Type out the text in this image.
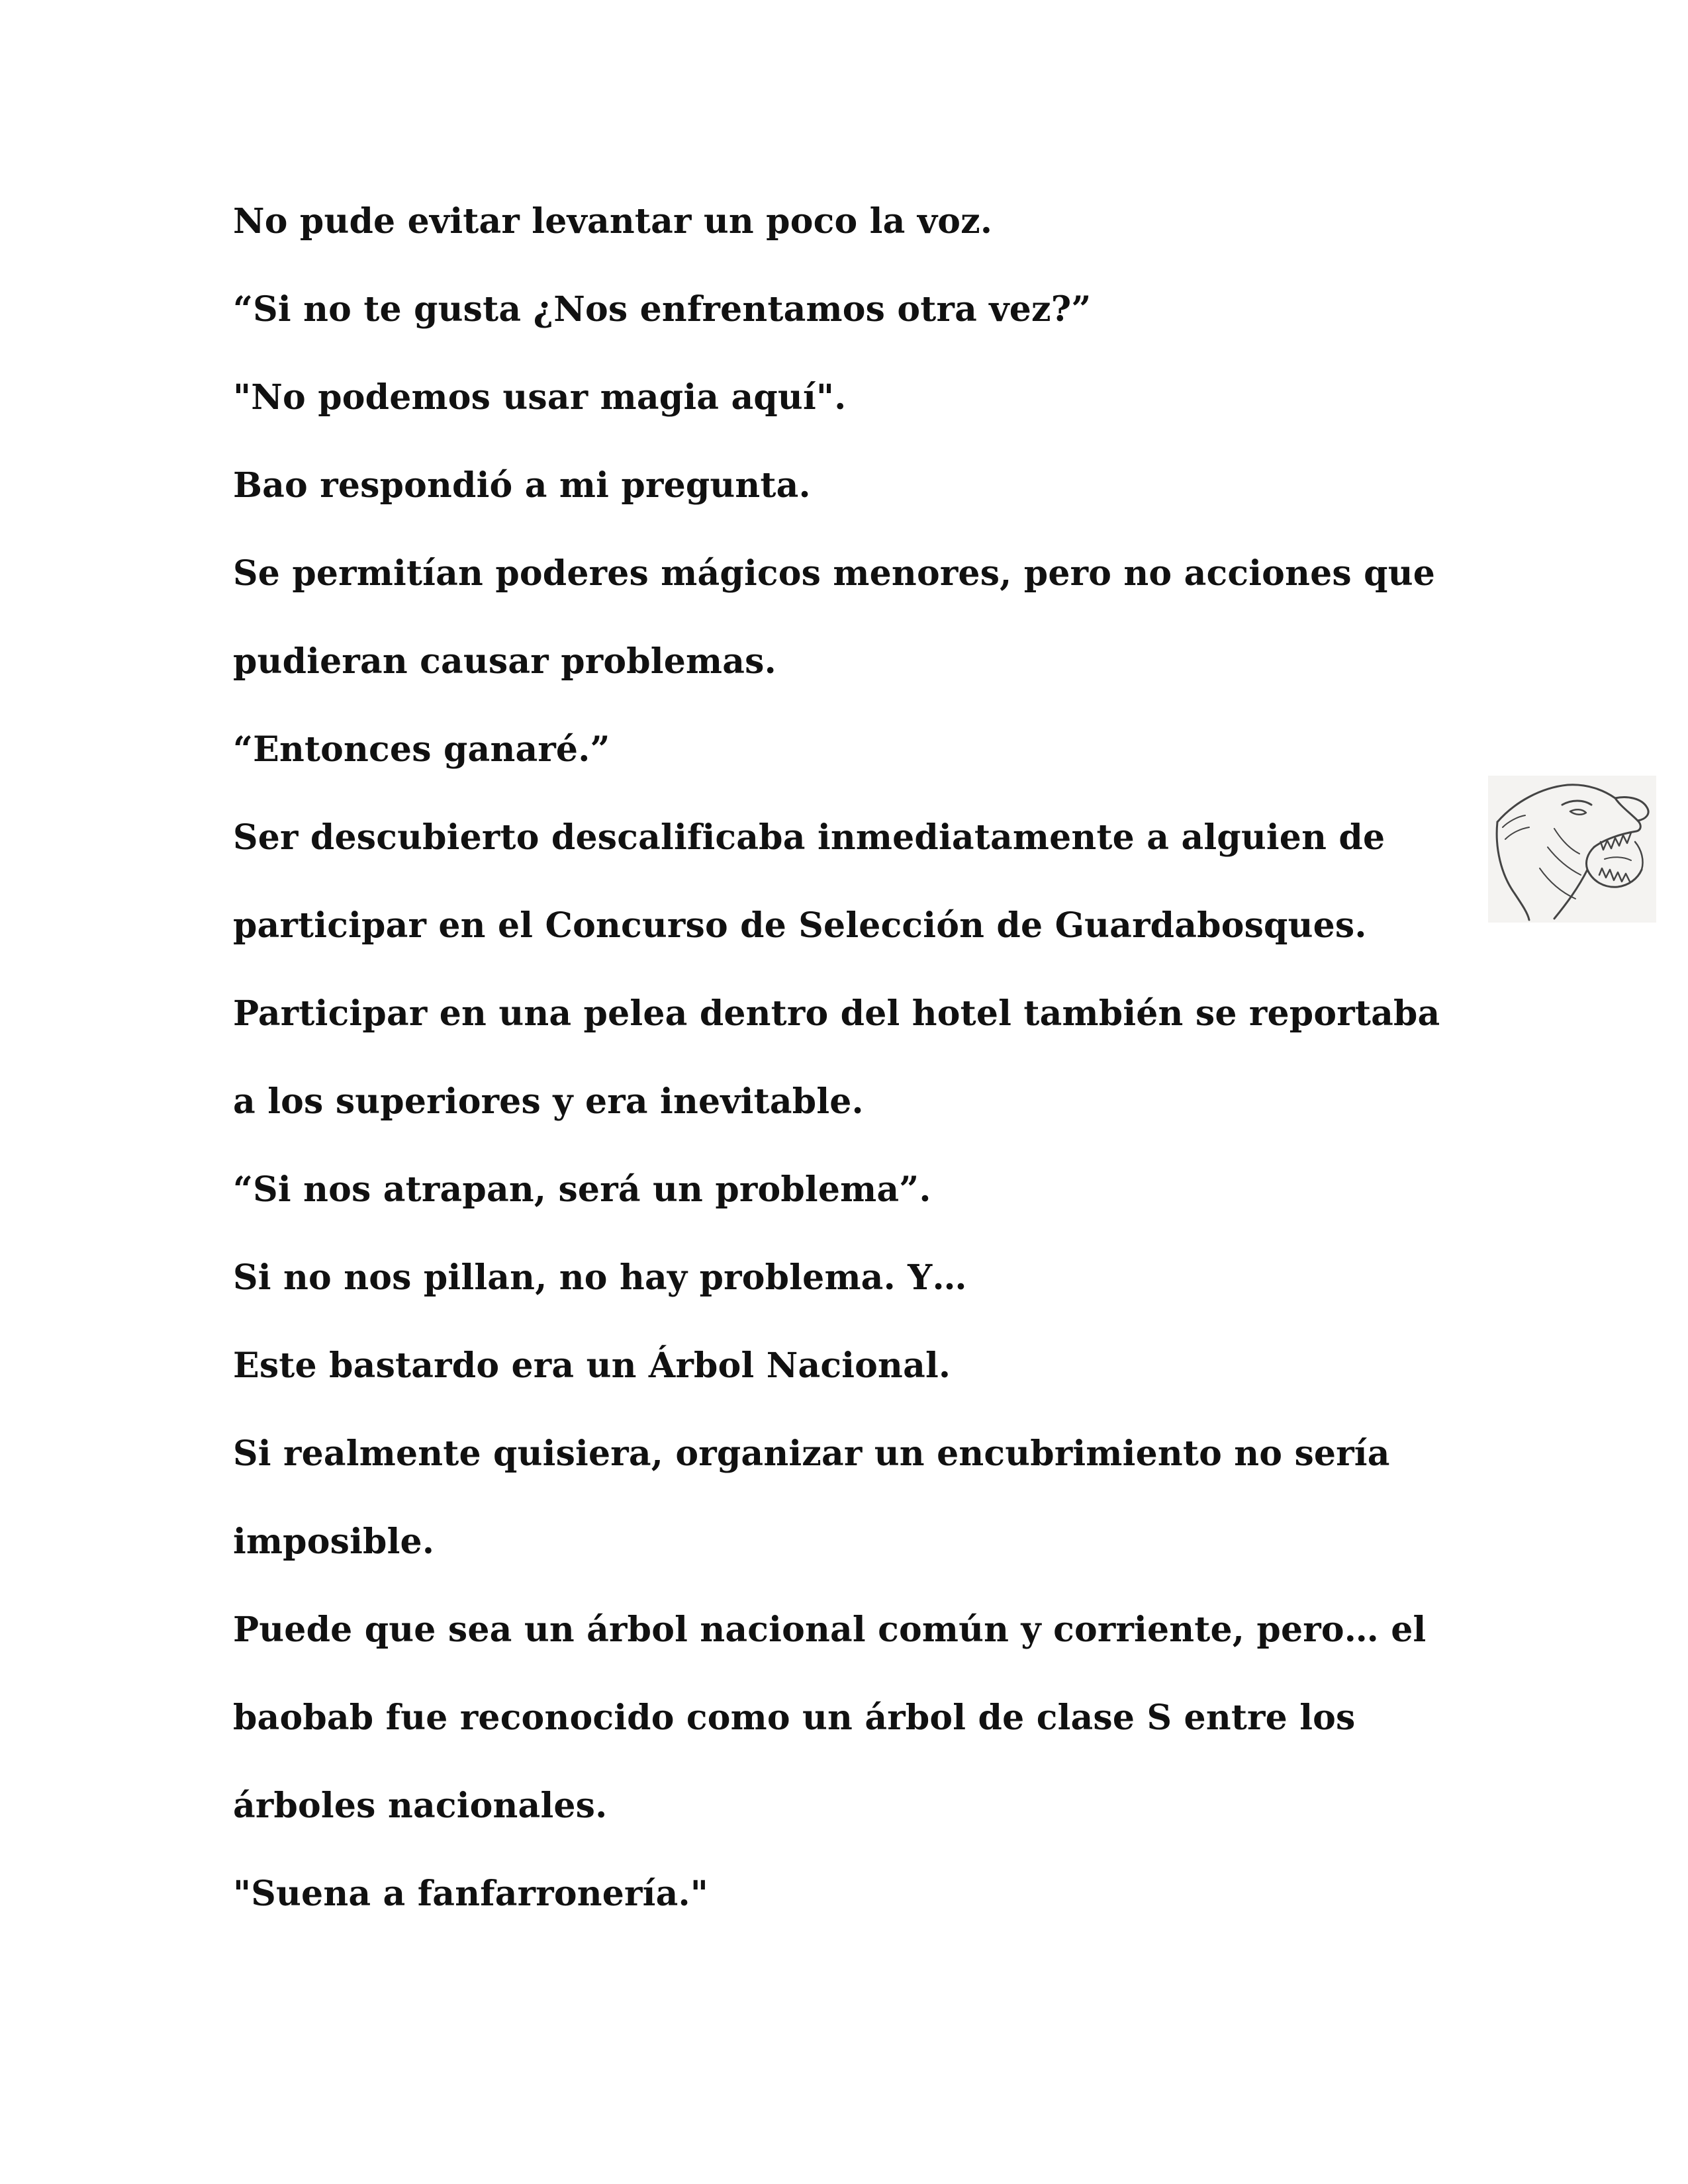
No pude evitar levantar un poco la voz.
“Si no te gusta ¿Nos enfrentamos otra vez?”
"No podemos usar magia aquí".
Bao respondió a mi pregunta.
Se permitían poderes mágicos menores, pero no acciones que
pudieran causar problemas.
“Entonces ganaré.”
Ser descubierto descalificaba inmediatamente a alguien de
participar en el Concurso de Selección de Guardabosques.
Participar en una pelea dentro del hotel también se reportaba
a los superiores y era inevitable.
“Si nos atrapan, será un problema”.
Si no nos pillan, no hay problema. Y…
Este bastardo era un Árbol Nacional.
Si realmente quisiera, organizar un encubrimiento no sería
imposible.
Puede que sea un árbol nacional común y corriente, pero… el
baobab fue reconocido como un árbol de clase S entre los
árboles nacionales.
"Suena a fanfarronería."
